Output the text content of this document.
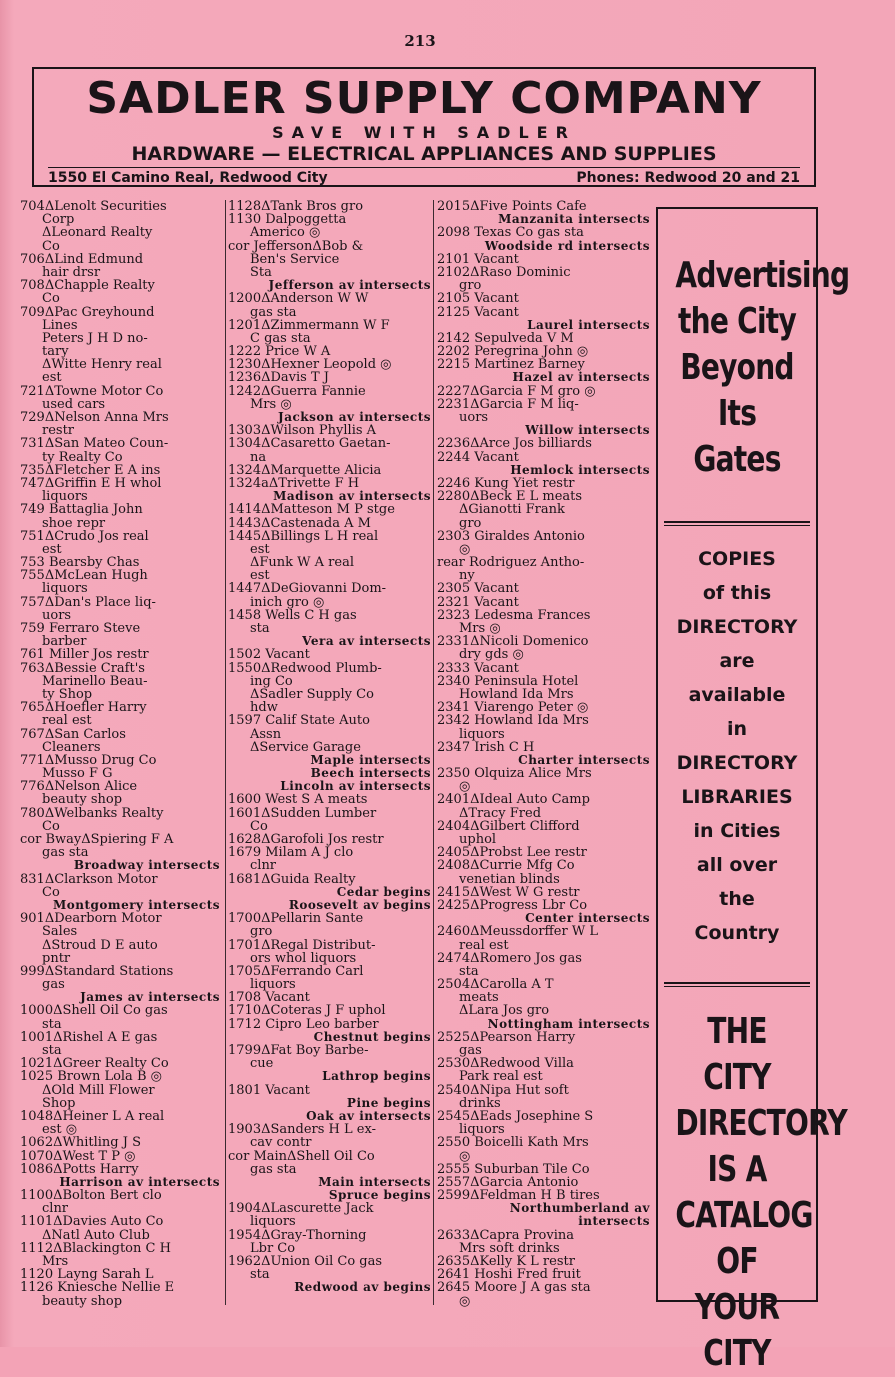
213
SADLER SUPPLY COMPANY
SAVE WITH SADLER
HARDWARE — ELECTRICAL APPLIANCES AND SUPPLIES
1550 El Camino Real, Redwood City	Phones: Redwood 20 and 21
704ΔLenolt Securities
Corp
ΔLeonard Realty
Co
706ΔLind Edmund
hair drsr
708ΔChapple Realty
Co
709ΔPac Greyhound
Lines
Peters J H D no-
tary
ΔWitte Henry real
est
721ΔTowne Motor Co
used cars
729ΔNelson Anna Mrs
restr
731ΔSan Mateo Coun-
ty Realty Co
735ΔFletcher E A ins
747ΔGriffin E H whol
liquors
749 Battaglia John
shoe repr
751ΔCrudo Jos real
est
753 Bearsby Chas
755ΔMcLean Hugh
liquors
757ΔDan's Place liq-
uors
759 Ferraro Steve
barber
761 Miller Jos restr
763ΔBessie Craft's
Marinello Beau-
ty Shop
765ΔHoefler Harry
real est
767ΔSan Carlos
Cleaners
771ΔMusso Drug Co
Musso F G
776ΔNelson Alice
beauty shop
780ΔWelbanks Realty
Co
cor BwayΔSpiering F A
gas sta
Broadway intersects
831ΔClarkson Motor
Co
Montgomery intersects
901ΔDearborn Motor
Sales
ΔStroud D E auto
pntr
999ΔStandard Stations
gas
James av intersects
1000ΔShell Oil Co gas
sta
1001ΔRishel A E gas
sta
1021ΔGreer Realty Co
1025 Brown Lola B ◎
ΔOld Mill Flower
Shop
1048ΔHeiner L A real
est ◎
1062ΔWhitling J S
1070ΔWest T P ◎
1086ΔPotts Harry
Harrison av intersects
1100ΔBolton Bert clo
clnr
1101ΔDavies Auto Co
ΔNatl Auto Club
1112ΔBlackington C H
Mrs
1120 Layng Sarah L
1126 Kniesche Nellie E
beauty shop
1128ΔTank Bros gro
1130 Dalpoggetta
Americo ◎
cor JeffersonΔBob &
Ben's Service
Sta
Jefferson av intersects
1200ΔAnderson W W
gas sta
1201ΔZimmermann W F
C gas sta
1222 Price W A
1230ΔHexner Leopold ◎
1236ΔDavis T J
1242ΔGuerra Fannie
Mrs ◎
Jackson av intersects
1303ΔWilson Phyllis A
1304ΔCasaretto Gaetan-
na
1324ΔMarquette Alicia
1324aΔTrivette F H
Madison av intersects
1414ΔMatteson M P stge
1443ΔCastenada A M
1445ΔBillings L H real
est
ΔFunk W A real
est
1447ΔDeGiovanni Dom-
inich gro ◎
1458 Wells C H gas
sta
Vera av intersects
1502 Vacant
1550ΔRedwood Plumb-
ing Co
ΔSadler Supply Co
hdw
1597 Calif State Auto
Assn
ΔService Garage
Maple intersects
Beech intersects
Lincoln av intersects
1600 West S A meats
1601ΔSudden Lumber
Co
1628ΔGarofoli Jos restr
1679 Milam A J clo
clnr
1681ΔGuida Realty
Cedar begins
Roosevelt av begins
1700ΔPellarin Sante
gro
1701ΔRegal Distribut-
ors whol liquors
1705ΔFerrando Carl
liquors
1708 Vacant
1710ΔCoteras J F uphol
1712 Cipro Leo barber
Chestnut begins
1799ΔFat Boy Barbe-
cue
Lathrop begins
1801 Vacant
Pine begins
Oak av intersects
1903ΔSanders H L ex-
cav contr
cor MainΔShell Oil Co
gas sta
Main intersects
Spruce begins
1904ΔLascurette Jack
liquors
1954ΔGray-Thorning
Lbr Co
1962ΔUnion Oil Co gas
sta
Redwood av begins
2015ΔFive Points Cafe
Manzanita intersects
2098 Texas Co gas sta
Woodside rd intersects
2101 Vacant
2102ΔRaso Dominic
gro
2105 Vacant
2125 Vacant
Laurel intersects
2142 Sepulveda V M
2202 Peregrina John ◎
2215 Martinez Barney
Hazel av intersects
2227ΔGarcia F M gro ◎
2231ΔGarcia F M liq-
uors
Willow intersects
2236ΔArce Jos billiards
2244 Vacant
Hemlock intersects
2246 Kung Yiet restr
2280ΔBeck E L meats
ΔGianotti Frank
gro
2303 Giraldes Antonio
◎
rear Rodriguez Antho-
ny
2305 Vacant
2321 Vacant
2323 Ledesma Frances
Mrs ◎
2331ΔNicoli Domenico
dry gds ◎
2333 Vacant
2340 Peninsula Hotel
Howland Ida Mrs
2341 Viarengo Peter ◎
2342 Howland Ida Mrs
liquors
2347 Irish C H
Charter intersects
2350 Olquiza Alice Mrs
◎
2401ΔIdeal Auto Camp
ΔTracy Fred
2404ΔGilbert Clifford
uphol
2405ΔProbst Lee restr
2408ΔCurrie Mfg Co
venetian blinds
2415ΔWest W G restr
2425ΔProgress Lbr Co
Center intersects
2460ΔMeussdorffer W L
real est
2474ΔRomero Jos gas
sta
2504ΔCarolla A T
meats
ΔLara Jos gro
Nottingham intersects
2525ΔPearson Harry
gas
2530ΔRedwood Villa
Park real est
2540ΔNipa Hut soft
drinks
2545ΔEads Josephine S
liquors
2550 Boicelli Kath Mrs
◎
2555 Suburban Tile Co
2557ΔGarcia Antonio
2599ΔFeldman H B tires
Northumberland av
intersects
2633ΔCapra Provina
Mrs soft drinks
2635ΔKelly K L restr
2641 Hoshi Fred fruit
2645 Moore J A gas sta
◎
Advertising
the City
Beyond
Its Gates
COPIES
of this
DIRECTORY
are
available
in
DIRECTORY
LIBRARIES
in Cities
all over
the
Country
THE CITY
DIRECTORY
IS A
CATALOG
OF
YOUR CITY
